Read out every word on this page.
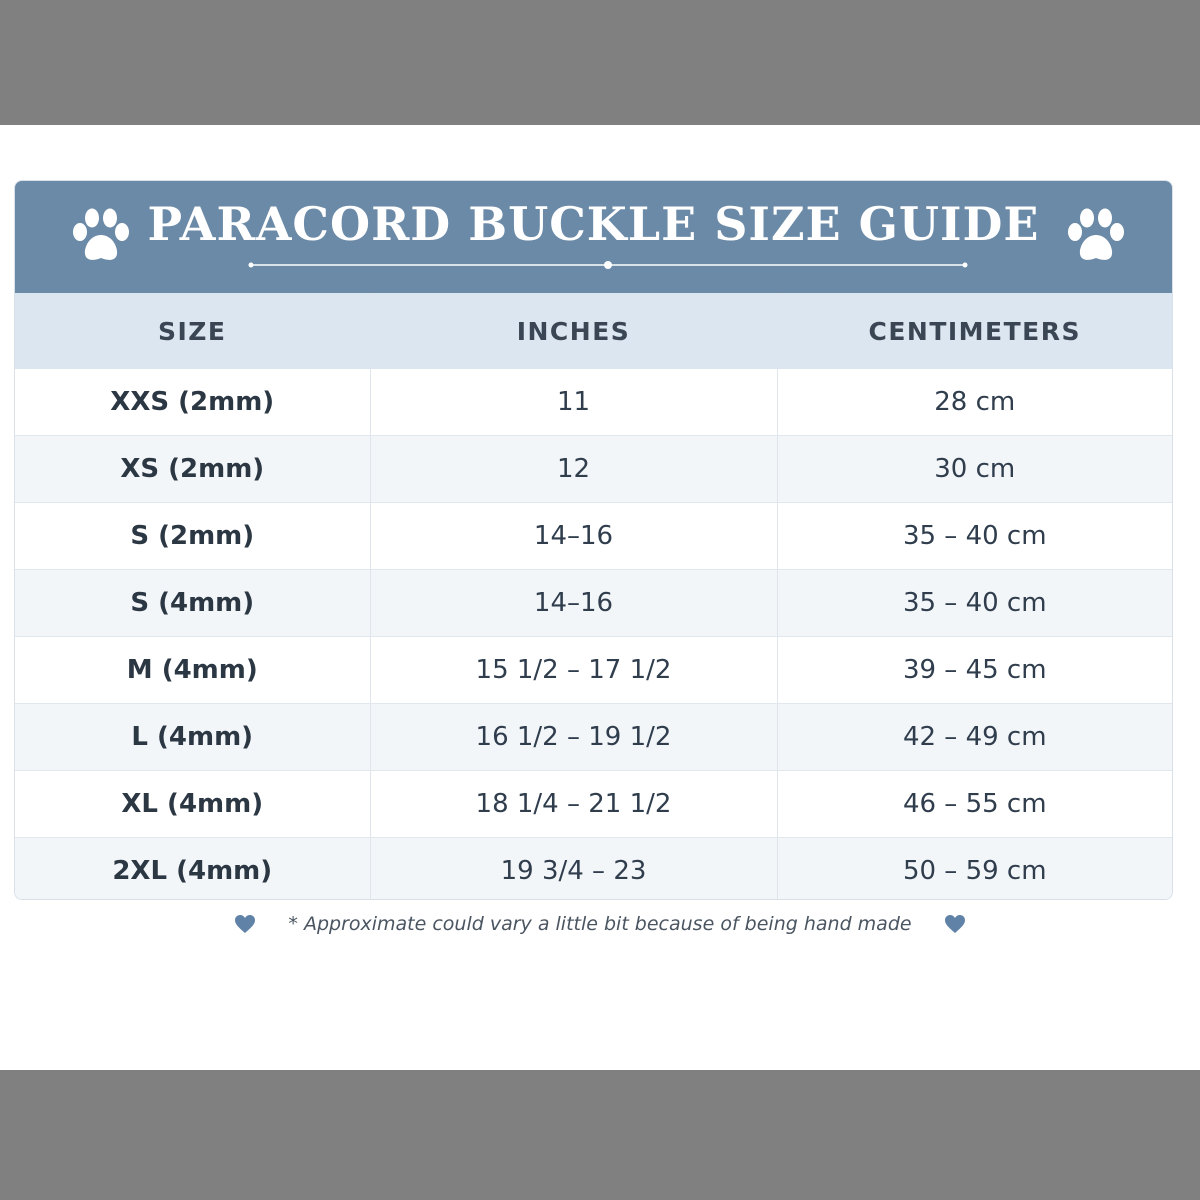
PARACORD BUCKLE SIZE GUIDE
SIZE	INCHES	CENTIMETERS
XXS (2mm)	11	28 cm
XS (2mm)	12	30 cm
S (2mm)	14–16	35 – 40 cm
S (4mm)	14–16	35 – 40 cm
M (4mm)	15 1/2 – 17 1/2	39 – 45 cm
L (4mm)	16 1/2 – 19 1/2	42 – 49 cm
XL (4mm)	18 1/4 – 21 1/2	46 – 55 cm
2XL (4mm)	19 3/4 – 23	50 – 59 cm
* Approximate could vary a little bit because of being hand made
